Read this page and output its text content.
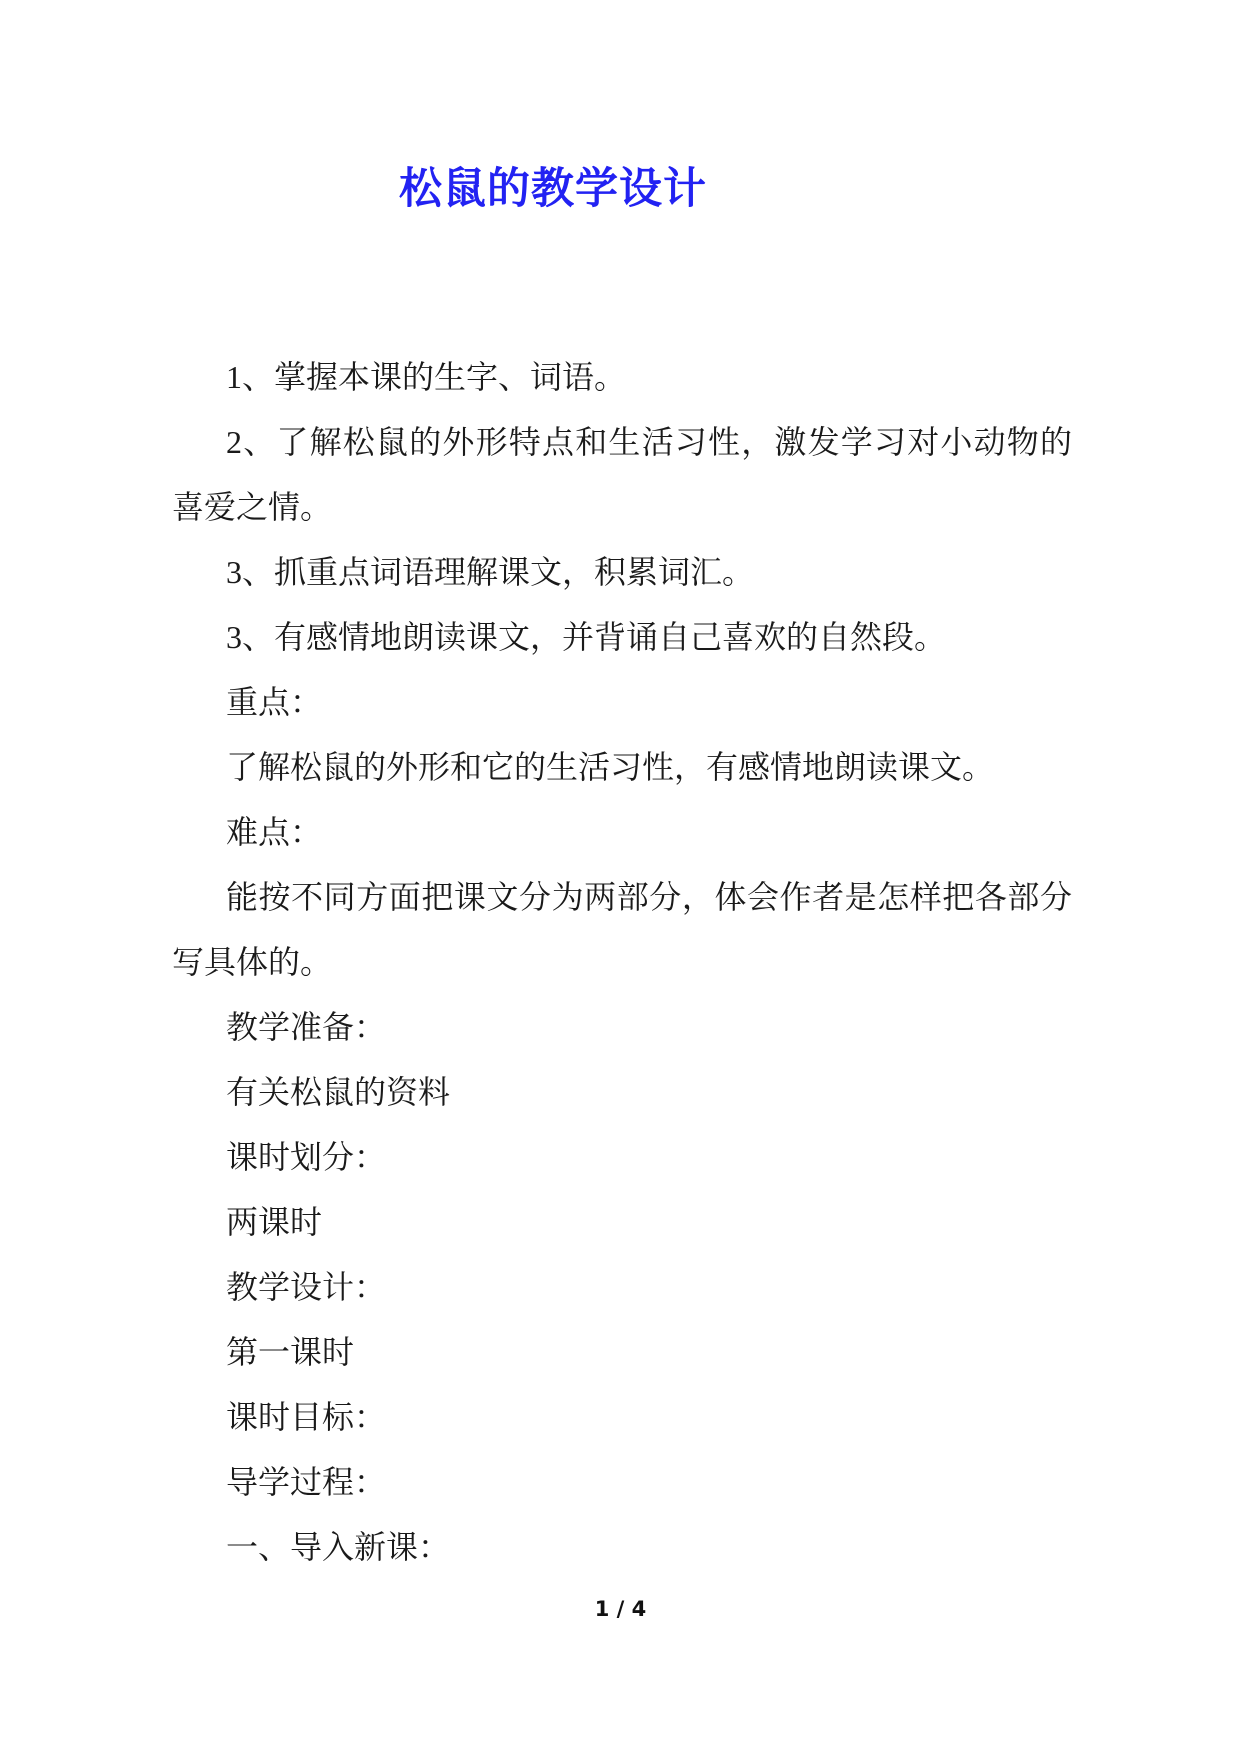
松鼠的教学设计

1、掌握本课的生字、词语。

2、了解松鼠的外形特点和生活习性，激发学习对小动物的喜爱之情。

3、抓重点词语理解课文，积累词汇。

3、有感情地朗读课文，并背诵自己喜欢的自然段。

重点：

了解松鼠的外形和它的生活习性，有感情地朗读课文。

难点：

能按不同方面把课文分为两部分，体会作者是怎样把各部分写具体的。

教学准备：

有关松鼠的资料

课时划分：

两课时

教学设计：

第一课时

课时目标：

导学过程：

一、导入新课：

1 / 4
